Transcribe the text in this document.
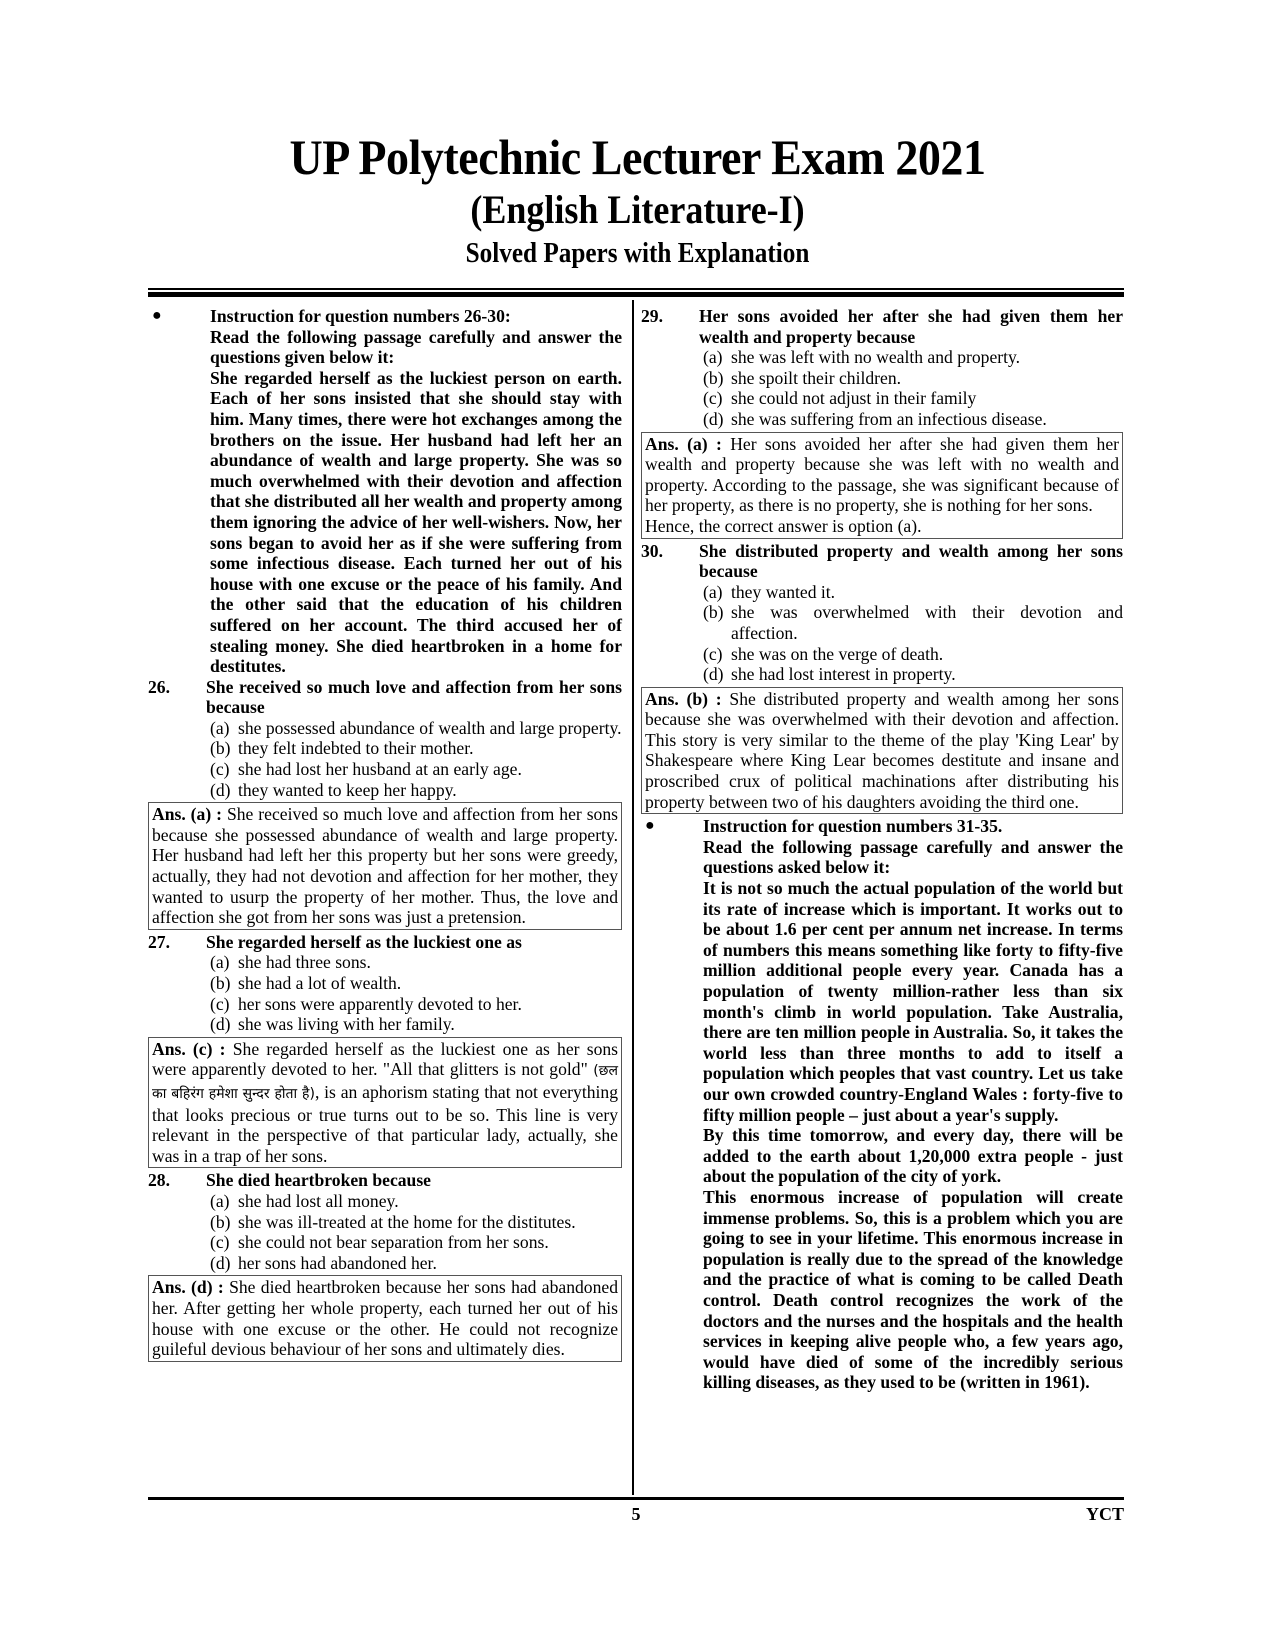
UP Polytechnic Lecturer Exam 2021
(English Literature-I)
Solved Papers with Explanation
●	Instruction for question numbers 26-30:
Read the following passage carefully and answer the questions given below it:
She regarded herself as the luckiest person on earth. Each of her sons insisted that she should stay with him. Many times, there were hot exchanges among the brothers on the issue. Her husband had left her an abundance of wealth and large property. She was so much overwhelmed with their devotion and affection that she distributed all her wealth and property among them ignoring the advice of her well-wishers. Now, her sons began to avoid her as if she were suffering from some infectious disease. Each turned her out of his house with one excuse or the peace of his family. And the other said that the education of his children suffered on her account. The third accused her of stealing money. She died heartbroken in a home for destitutes.
26.	She received so much love and affection from her sons because
(a) she possessed abundance of wealth and large property.
(b) they felt indebted to their mother.
(c) she had lost her husband at an early age.
(d) they wanted to keep her happy.
Ans. (a) : She received so much love and affection from her sons because she possessed abundance of wealth and large property. Her husband had left her this property but her sons were greedy, actually, they had not devotion and affection for her mother, they wanted to usurp the property of her mother. Thus, the love and affection she got from her sons was just a pretension.
27.	She regarded herself as the luckiest one as
(a) she had three sons.
(b) she had a lot of wealth.
(c) her sons were apparently devoted to her.
(d) she was living with her family.
Ans. (c) : She regarded herself as the luckiest one as her sons were apparently devoted to her. "All that glitters is not gold" (छल का बहिरंग हमेशा सुन्दर होता है), is an aphorism stating that not everything that looks precious or true turns out to be so. This line is very relevant in the perspective of that particular lady, actually, she was in a trap of her sons.
28.	She died heartbroken because
(a) she had lost all money.
(b) she was ill-treated at the home for the distitutes.
(c) she could not bear separation from her sons.
(d) her sons had abandoned her.
Ans. (d) : She died heartbroken because her sons had abandoned her. After getting her whole property, each turned her out of his house with one excuse or the other. He could not recognize guileful devious behaviour of her sons and ultimately dies.
29.	Her sons avoided her after she had given them her wealth and property because
(a) she was left with no wealth and property.
(b) she spoilt their children.
(c) she could not adjust in their family
(d) she was suffering from an infectious disease.
Ans. (a) : Her sons avoided her after she had given them her wealth and property because she was left with no wealth and property. According to the passage, she was significant because of her property, as there is no property, she is nothing for her sons.
Hence, the correct answer is option (a).
30.	She distributed property and wealth among her sons because
(a) they wanted it.
(b) she was overwhelmed with their devotion and affection.
(c) she was on the verge of death.
(d) she had lost interest in property.
Ans. (b) : She distributed property and wealth among her sons because she was overwhelmed with their devotion and affection. This story is very similar to the theme of the play 'King Lear' by Shakespeare where King Lear becomes destitute and insane and proscribed crux of political machinations after distributing his property between two of his daughters avoiding the third one.
●	Instruction for question numbers 31-35.
Read the following passage carefully and answer the questions asked below it:
It is not so much the actual population of the world but its rate of increase which is important. It works out to be about 1.6 per cent per annum net increase. In terms of numbers this means something like forty to fifty-five million additional people every year. Canada has a population of twenty million-rather less than six month's climb in world population. Take Australia, there are ten million people in Australia. So, it takes the world less than three months to add to itself a population which peoples that vast country. Let us take our own crowded country-England Wales : forty-five to fifty million people – just about a year's supply.
By this time tomorrow, and every day, there will be added to the earth about 1,20,000 extra people - just about the population of the city of york.
This enormous increase of population will create immense problems. So, this is a problem which you are going to see in your lifetime. This enormous increase in population is really due to the spread of the knowledge and the practice of what is coming to be called Death control. Death control recognizes the work of the doctors and the nurses and the hospitals and the health services in keeping alive people who, a few years ago, would have died of some of the incredibly serious killing diseases, as they used to be (written in 1961).
5	YCT
